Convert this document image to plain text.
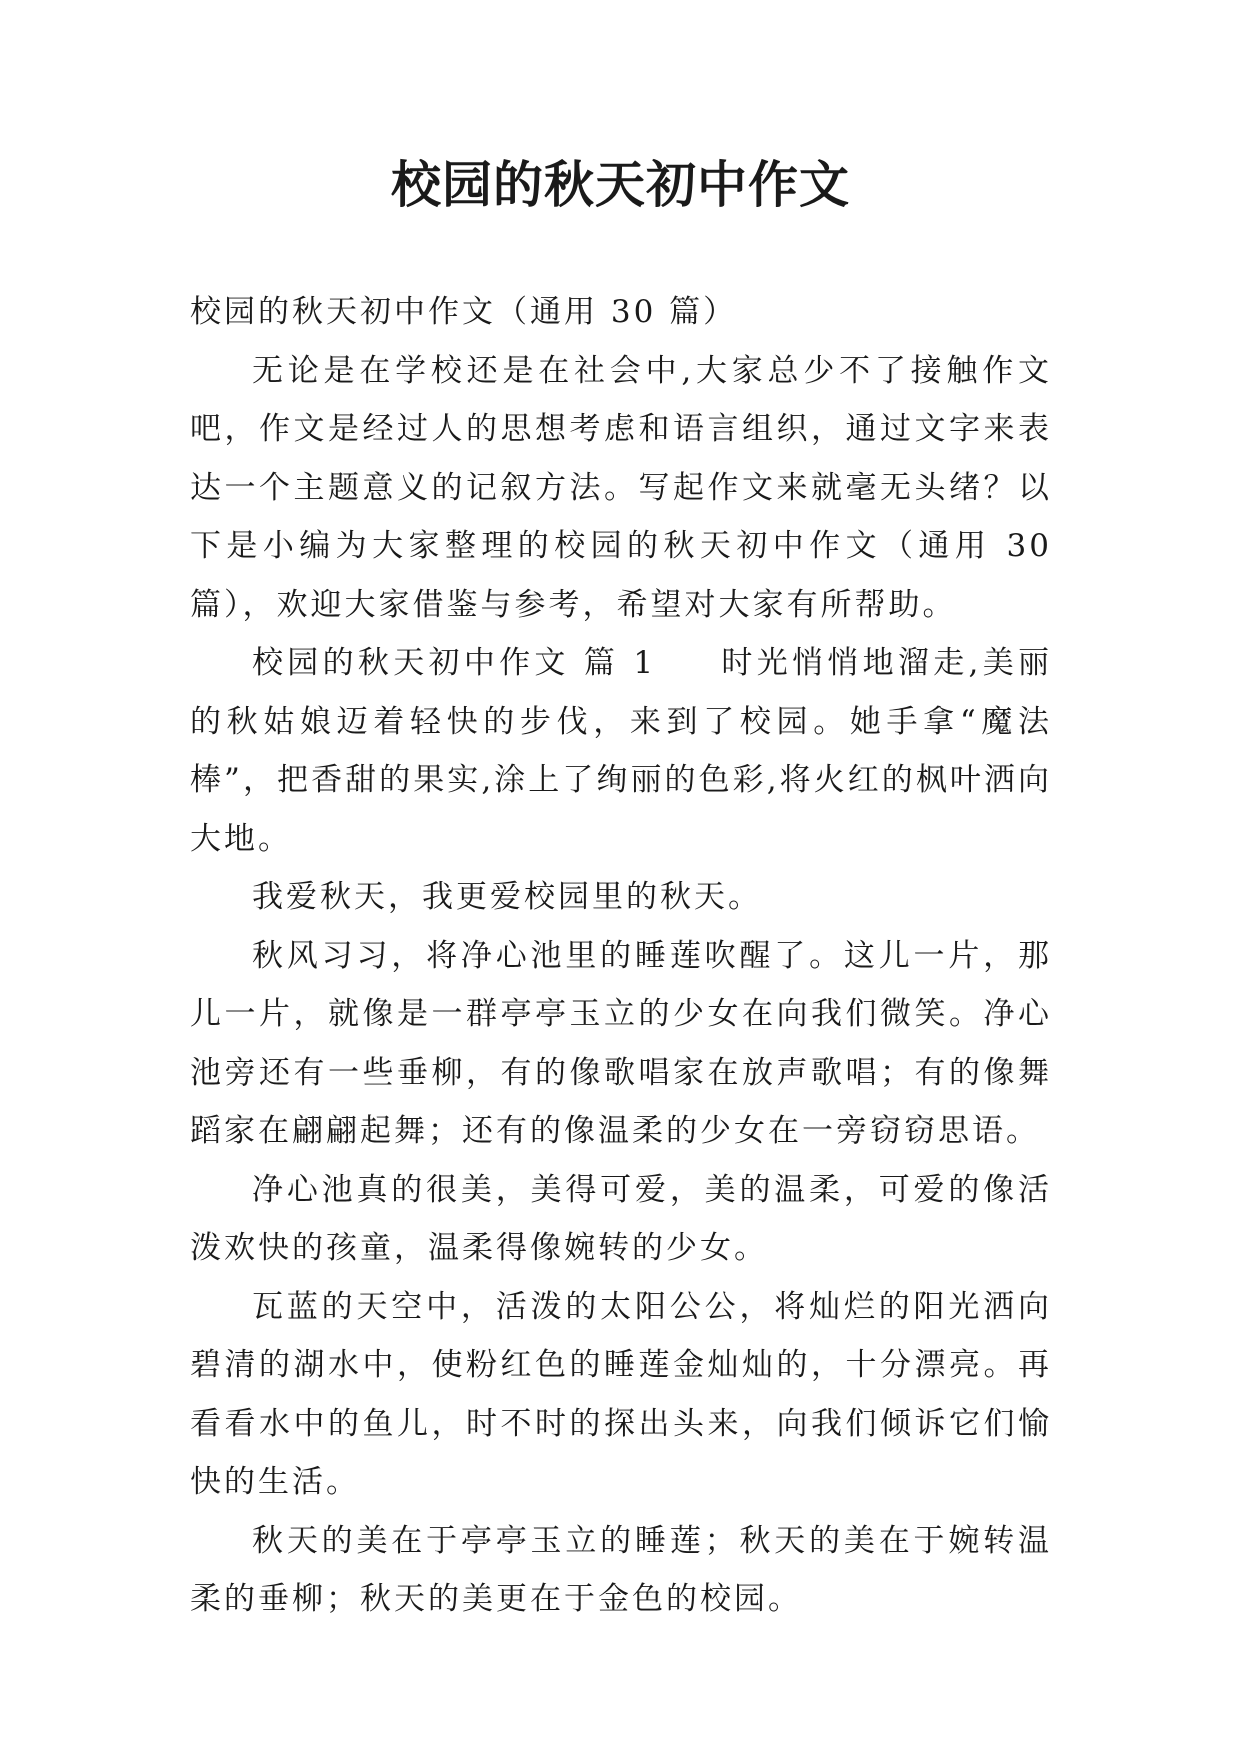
校园的秋天初中作文

校园的秋天初中作文（通用 30 篇）

无论是在学校还是在社会中,大家总少不了接触作文吧，作文是经过人的思想考虑和语言组织，通过文字来表达一个主题意义的记叙方法。写起作文来就毫无头绪？以下是小编为大家整理的校园的秋天初中作文（通用 30 篇），欢迎大家借鉴与参考，希望对大家有所帮助。

校园的秋天初中作文 篇 1 时光悄悄地溜走,美丽的秋姑娘迈着轻快的步伐，来到了校园。她手拿“魔法棒”，把香甜的果实,涂上了绚丽的色彩,将火红的枫叶洒向大地。

我爱秋天，我更爱校园里的秋天。

秋风习习，将净心池里的睡莲吹醒了。这儿一片，那儿一片，就像是一群亭亭玉立的少女在向我们微笑。净心池旁还有一些垂柳，有的像歌唱家在放声歌唱；有的像舞蹈家在翩翩起舞；还有的像温柔的少女在一旁窃窃思语。

净心池真的很美，美得可爱，美的温柔，可爱的像活泼欢快的孩童，温柔得像婉转的少女。

瓦蓝的天空中，活泼的太阳公公，将灿烂的阳光洒向碧清的湖水中，使粉红色的睡莲金灿灿的，十分漂亮。再看看水中的鱼儿，时不时的探出头来，向我们倾诉它们愉快的生活。

秋天的美在于亭亭玉立的睡莲；秋天的美在于婉转温柔的垂柳；秋天的美更在于金色的校园。
